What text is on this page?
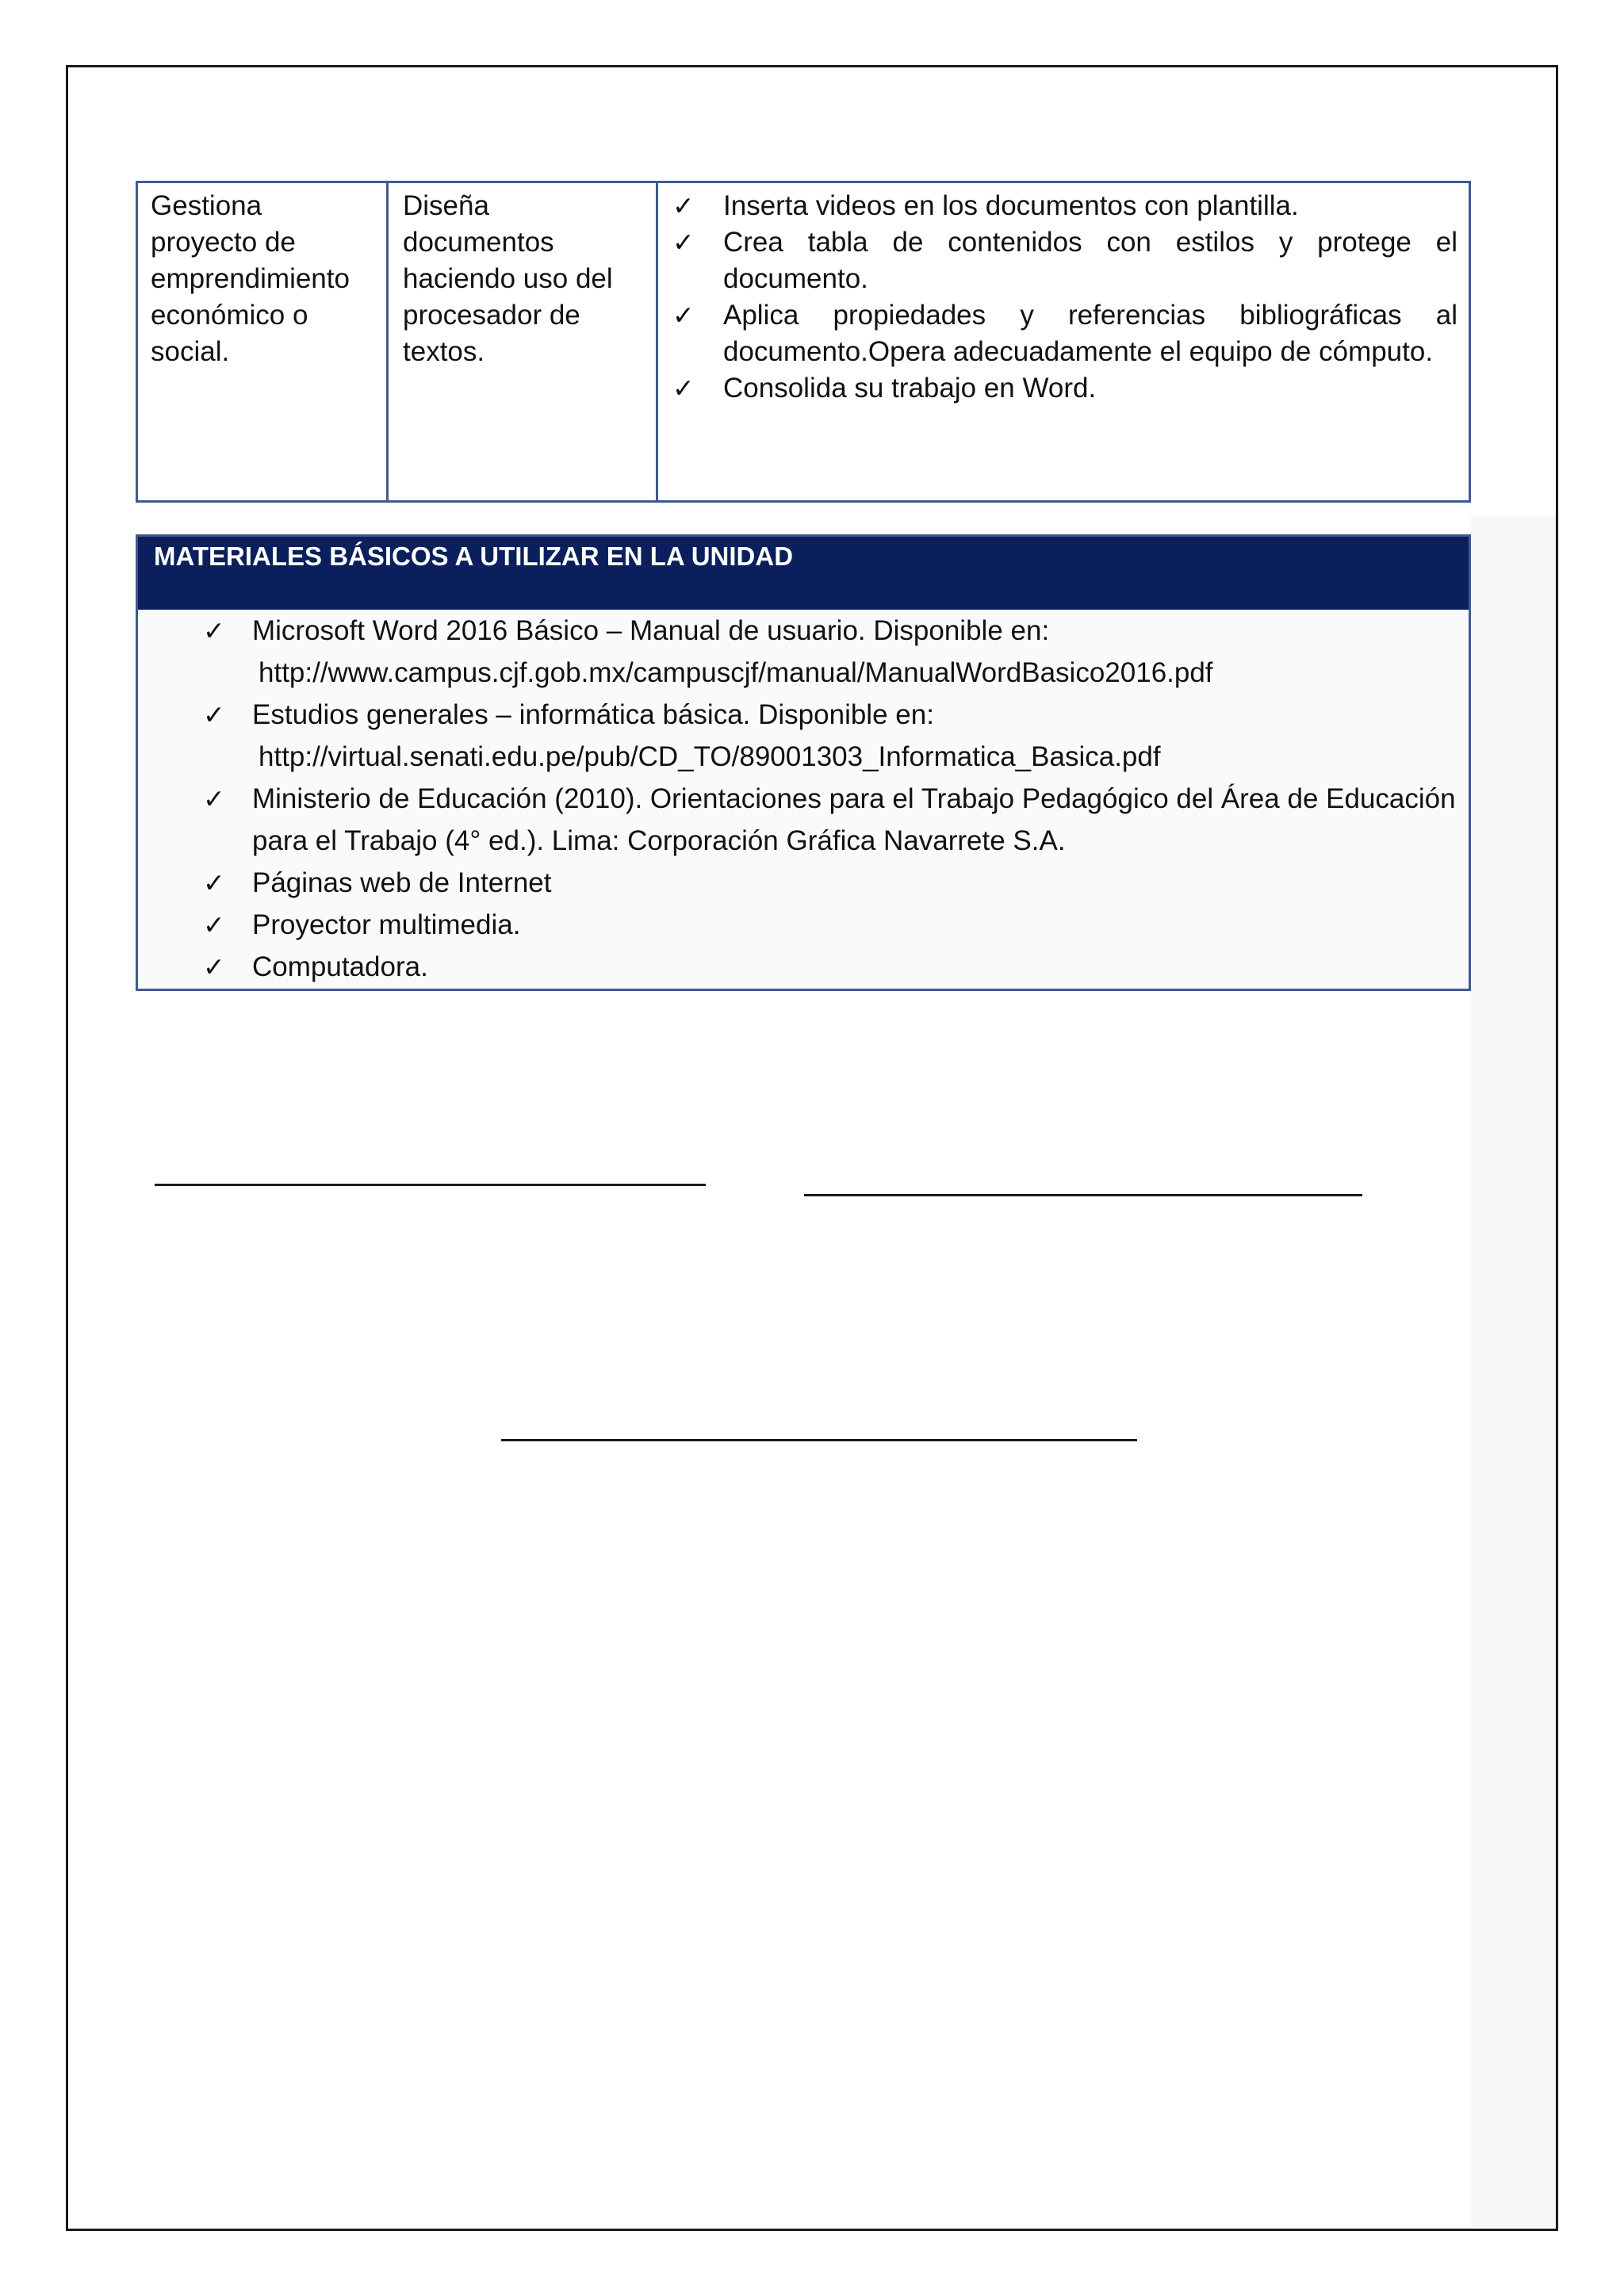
Gestiona proyecto de emprendimiento económico o social.
Diseña documentos haciendo uso del procesador de textos.
✓ Inserta videos en los documentos con plantilla.
✓ Crea tabla de contenidos con estilos y protege el documento.
✓ Aplica propiedades y referencias bibliográficas al documento.Opera adecuadamente el equipo de cómputo.
✓ Consolida su trabajo en Word.
MATERIALES BÁSICOS A UTILIZAR EN LA UNIDAD
✓ Microsoft Word 2016 Básico – Manual de usuario. Disponible en:
http://www.campus.cjf.gob.mx/campuscjf/manual/ManualWordBasico2016.pdf
✓ Estudios generales – informática básica. Disponible en:
http://virtual.senati.edu.pe/pub/CD_TO/89001303_Informatica_Basica.pdf
✓ Ministerio de Educación (2010). Orientaciones para el Trabajo Pedagógico del Área de Educación para el Trabajo (4° ed.). Lima: Corporación Gráfica Navarrete S.A.
✓ Páginas web de Internet
✓ Proyector multimedia.
✓ Computadora.
